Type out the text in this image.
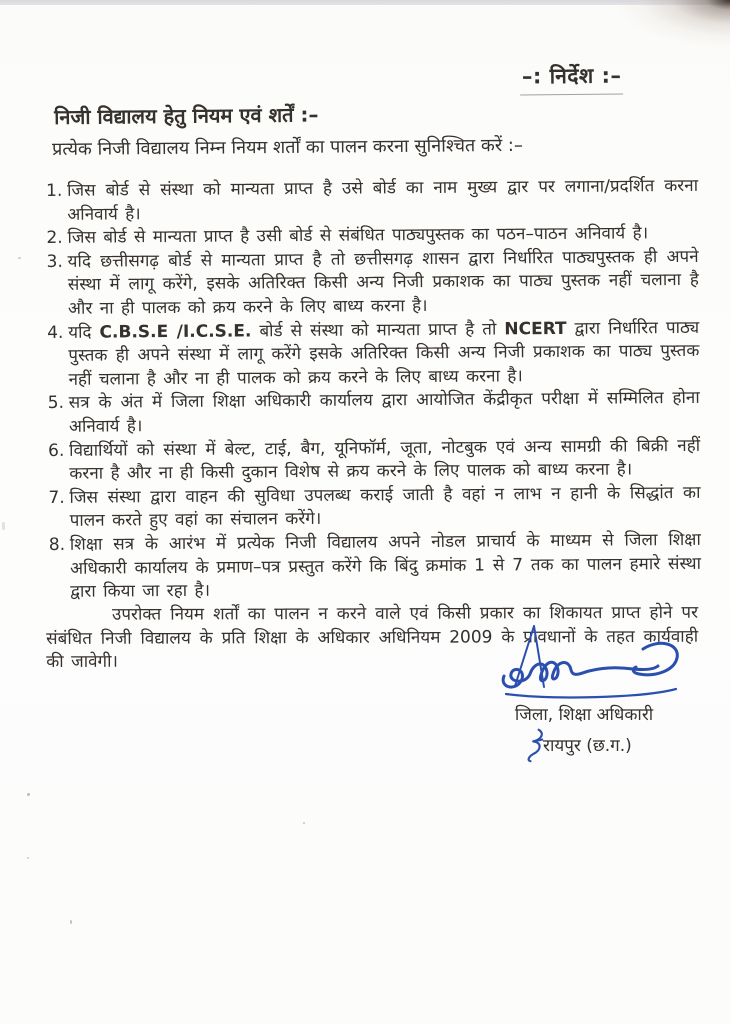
–: निर्देश :–
निजी विद्यालय हेतु नियम एवं शर्तें :–
प्रत्येक निजी विद्यालय निम्न नियम शर्तों का पालन करना सुनिश्चित करें :–
1. जिस बोर्ड से संस्था को मान्यता प्राप्त है उसे बोर्ड का नाम मुख्य द्वार पर लगाना/प्रदर्शित करना अनिवार्य है।
2. जिस बोर्ड से मान्यता प्राप्त है उसी बोर्ड से संबंधित पाठ्यपुस्तक का पठन–पाठन अनिवार्य है।
3. यदि छत्तीसगढ़ बोर्ड से मान्यता प्राप्त है तो छत्तीसगढ़ शासन द्वारा निर्धारित पाठ्यपुस्तक ही अपने संस्था में लागू करेंगे, इसके अतिरिक्त किसी अन्य निजी प्रकाशक का पाठ्य पुस्तक नहीं चलाना है और ना ही पालक को क्रय करने के लिए बाध्य करना है।
4. यदि C.B.S.E /I.C.S.E. बोर्ड से संस्था को मान्यता प्राप्त है तो NCERT द्वारा निर्धारित पाठ्य पुस्तक ही अपने संस्था में लागू करेंगे इसके अतिरिक्त किसी अन्य निजी प्रकाशक का पाठ्य पुस्तक नहीं चलाना है और ना ही पालक को क्रय करने के लिए बाध्य करना है।
5. सत्र के अंत में जिला शिक्षा अधिकारी कार्यालय द्वारा आयोजित केंद्रीकृत परीक्षा में सम्मिलित होना अनिवार्य है।
6. विद्यार्थियों को संस्था में बेल्ट, टाई, बैग, यूनिफॉर्म, जूता, नोटबुक एवं अन्य सामग्री की बिक्री नहीं करना है और ना ही किसी दुकान विशेष से क्रय करने के लिए पालक को बाध्य करना है।
7. जिस संस्था द्वारा वाहन की सुविधा उपलब्ध कराई जाती है वहां न लाभ न हानी के सिद्धांत का पालन करते हुए वहां का संचालन करेंगे।
8. शिक्षा सत्र के आरंभ में प्रत्येक निजी विद्यालय अपने नोडल प्राचार्य के माध्यम से जिला शिक्षा अधिकारी कार्यालय के प्रमाण–पत्र प्रस्तुत करेंगे कि बिंदु क्रमांक 1 से 7 तक का पालन हमारे संस्था द्वारा किया जा रहा है।

उपरोक्त नियम शर्तों का पालन न करने वाले एवं किसी प्रकार का शिकायत प्राप्त होने पर संबंधित निजी विद्यालय के प्रति शिक्षा के अधिकार अधिनियम 2009 के प्रावधानों के तहत कार्यवाही की जावेगी।

जिला, शिक्षा अधिकारी
रायपुर (छ.ग.)
